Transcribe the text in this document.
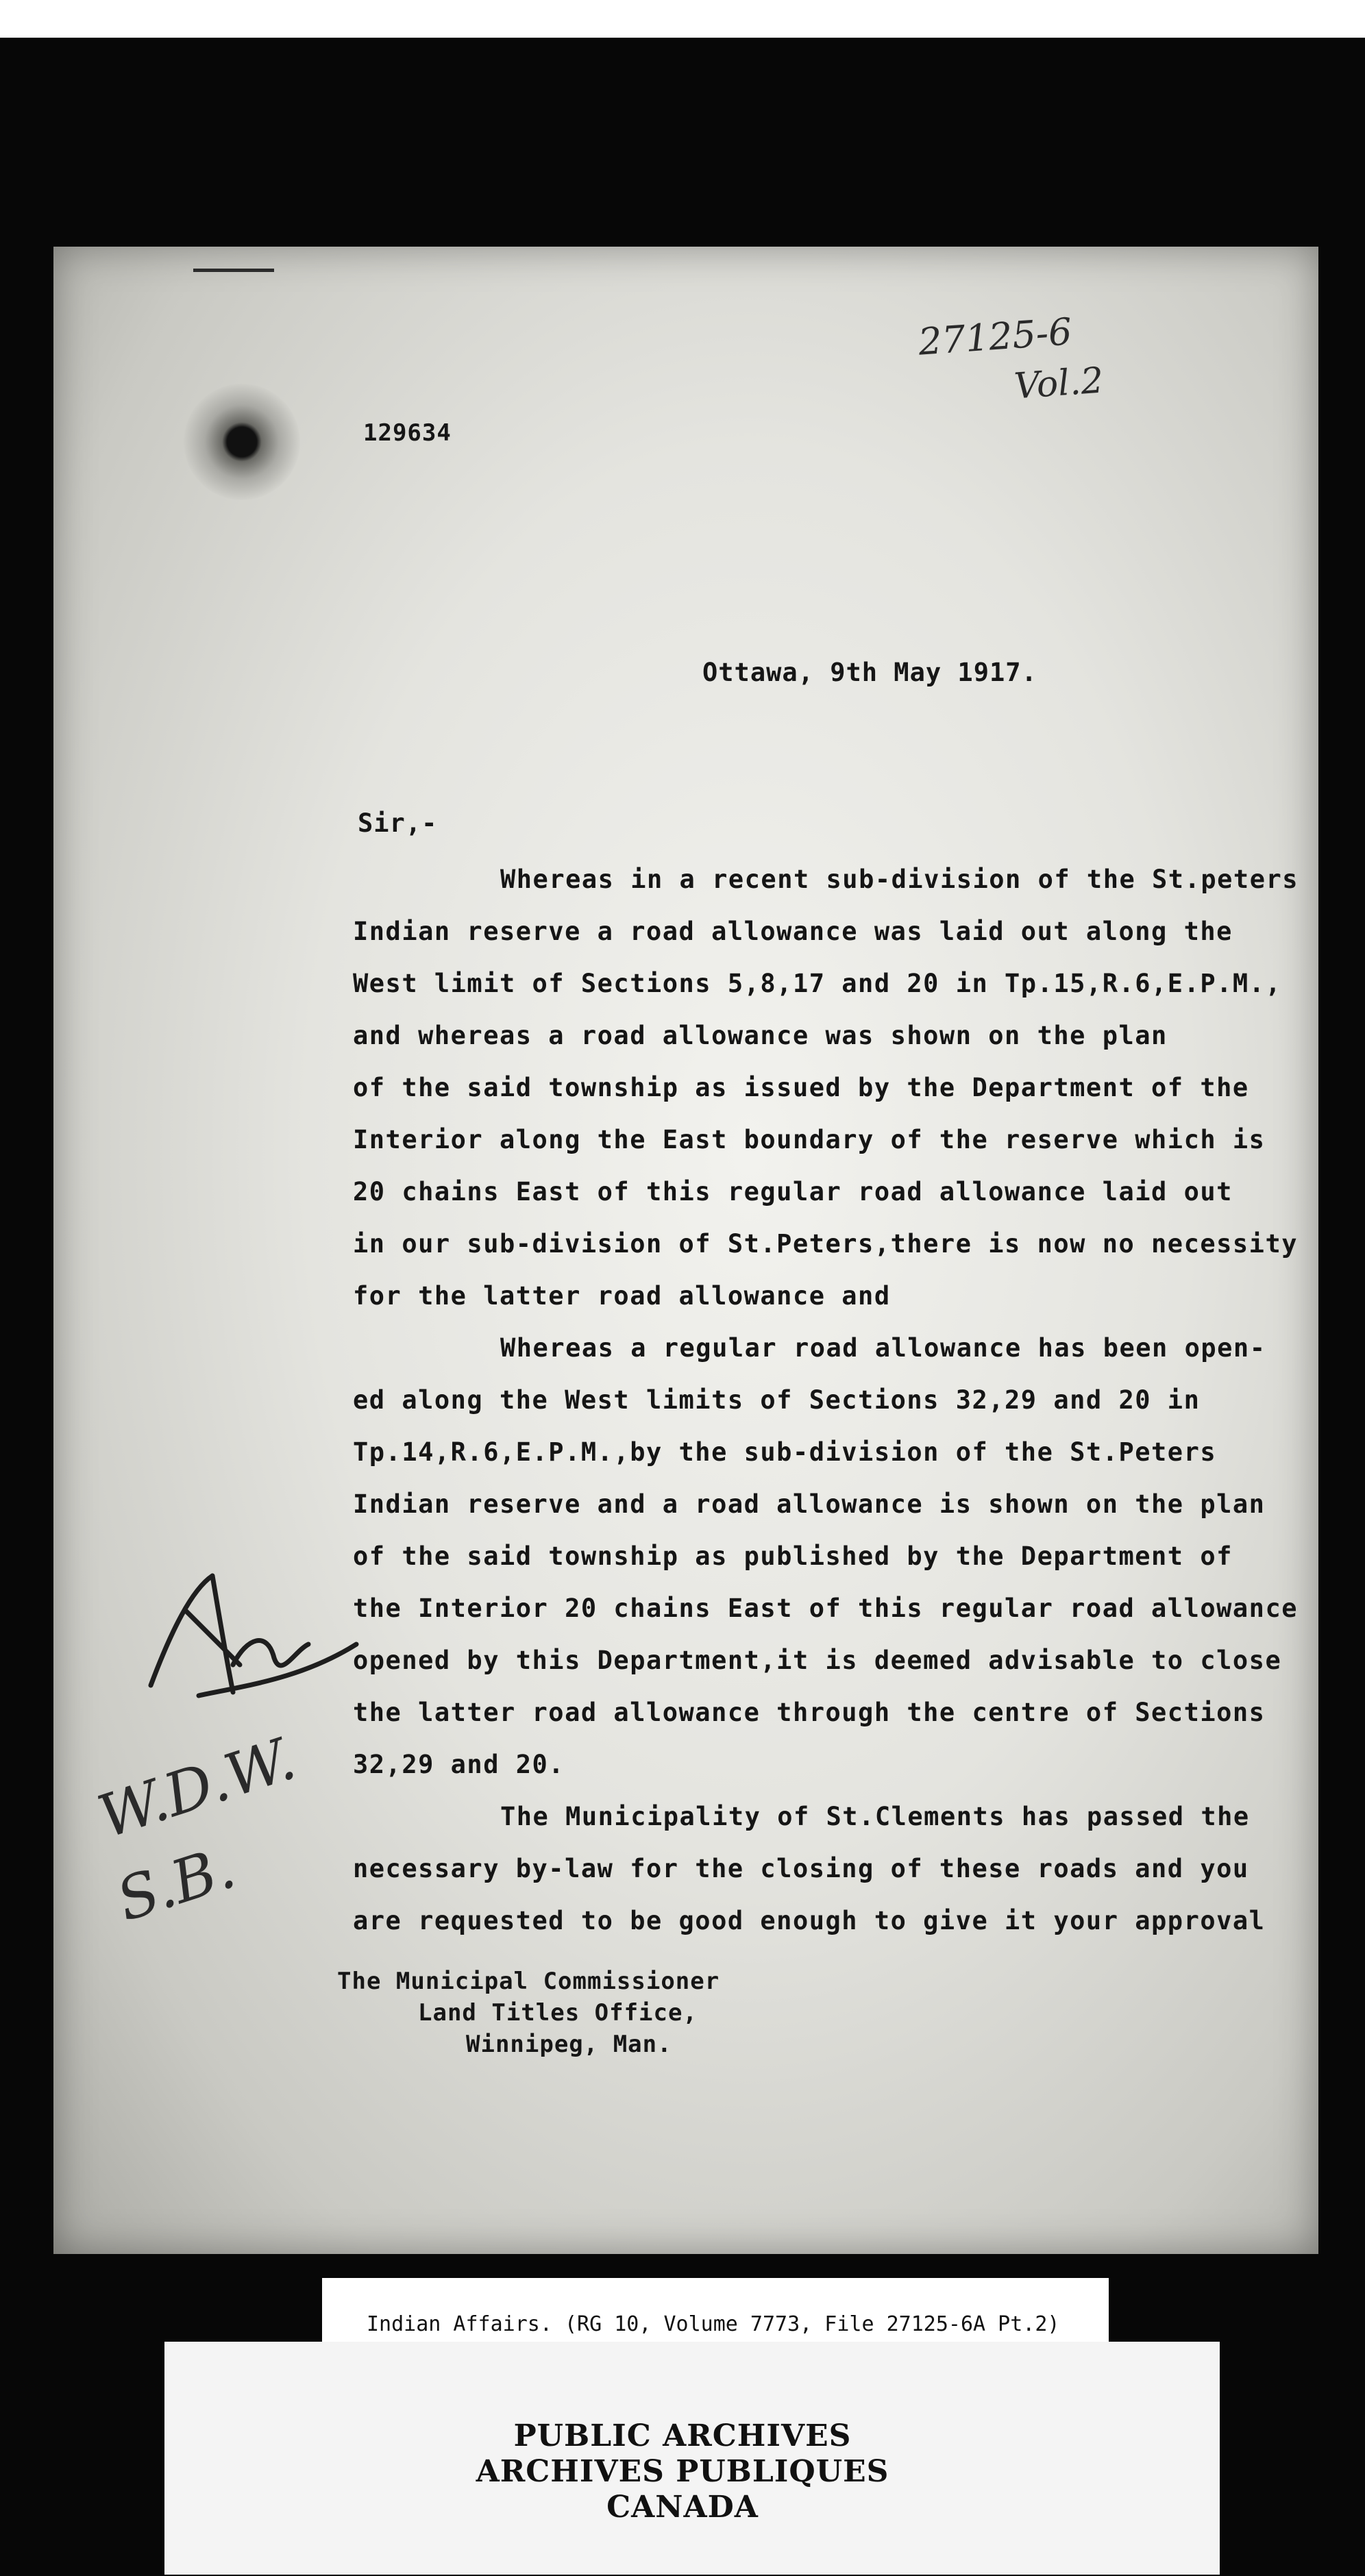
27125-6
Vol.2
129634
Ottawa, 9th May 1917.
Sir,-
Whereas in a recent sub-division of the St.peters
Indian reserve a road allowance was laid out along the
West limit of Sections 5,8,17 and 20 in Tp.15,R.6,E.P.M.,
and whereas a road allowance was shown on the plan
of the said township as issued by the Department of the
Interior along the East boundary of the reserve which is
20 chains East of this regular road allowance laid out
in our sub-division of St.Peters,there is now no necessity
for the latter road allowance and
Whereas a regular road allowance has been open-
ed along the West limits of Sections 32,29 and 20 in
Tp.14,R.6,E.P.M.,by the sub-division of the St.Peters
Indian reserve and a road allowance is shown on the plan
of the said township as published by the Department of
the Interior 20 chains East of this regular road allowance
opened by this Department,it is deemed advisable to close
the latter road allowance through the centre of Sections
32,29 and 20.
The Municipality of St.Clements has passed the
necessary by-law for the closing of these roads and you
are requested to be good enough to give it your approval
W.D.W.
S.B.
The Municipal Commissioner
Land Titles Office,
Winnipeg, Man.
Indian Affairs. (RG 10, Volume 7773, File 27125-6A Pt.2)
PUBLIC ARCHIVES
ARCHIVES PUBLIQUES
CANADA
